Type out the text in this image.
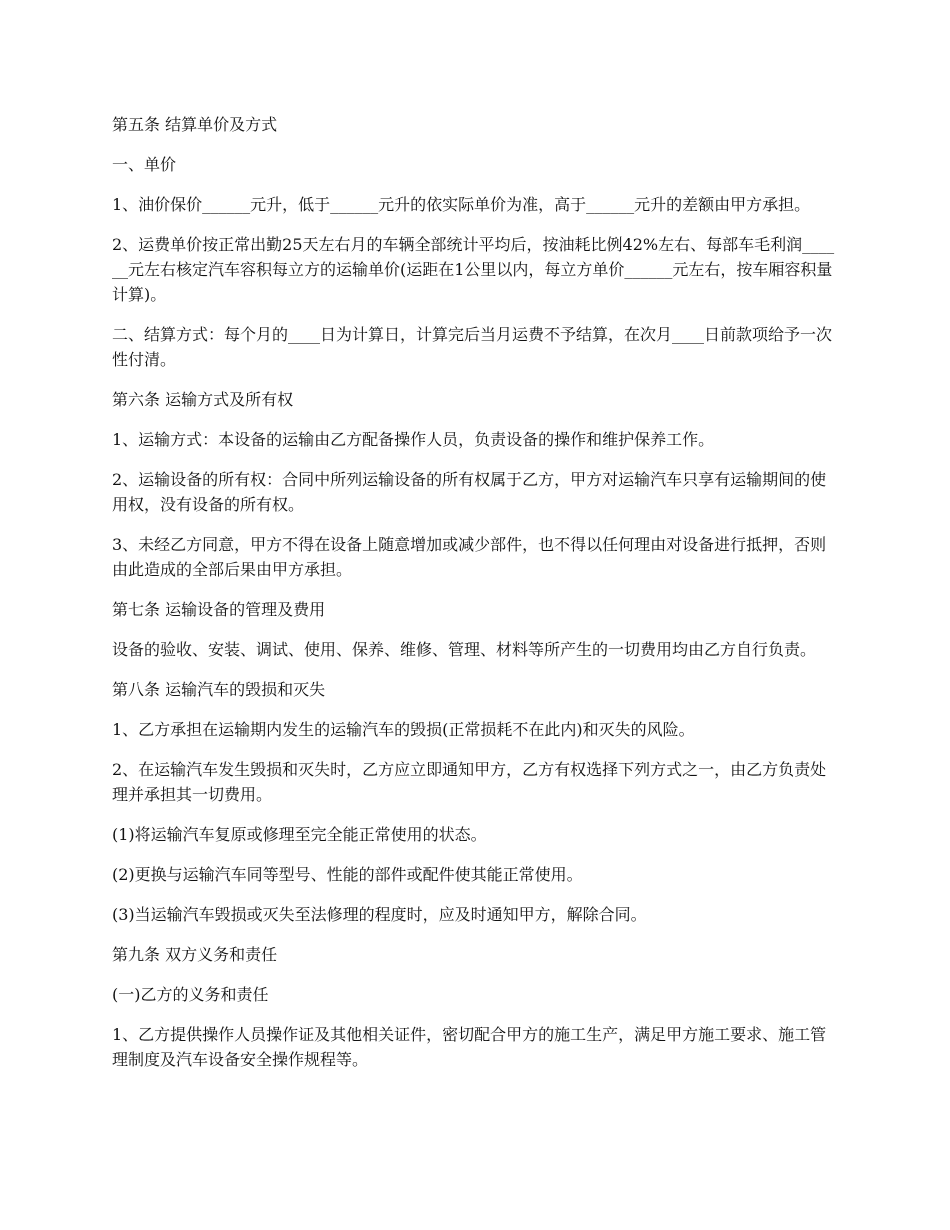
第五条 结算单价及方式

一、单价

1、油价保价______元升，低于______元升的依实际单价为准，高于______元升的差额由甲方承担。

2、运费单价按正常出勤25天左右月的车辆全部统计平均后，按油耗比例42%左右、每部车毛利润______元左右核定汽车容积每立方的运输单价(运距在1公里以内，每立方单价______元左右，按车厢容积量计算)。

二、结算方式：每个月的____日为计算日，计算完后当月运费不予结算，在次月____日前款项给予一次性付清。

第六条 运输方式及所有权

1、运输方式：本设备的运输由乙方配备操作人员，负责设备的操作和维护保养工作。

2、运输设备的所有权：合同中所列运输设备的所有权属于乙方，甲方对运输汽车只享有运输期间的使用权，没有设备的所有权。

3、未经乙方同意，甲方不得在设备上随意增加或减少部件，也不得以任何理由对设备进行抵押，否则由此造成的全部后果由甲方承担。

第七条 运输设备的管理及费用

设备的验收、安装、调试、使用、保养、维修、管理、材料等所产生的一切费用均由乙方自行负责。

第八条 运输汽车的毁损和灭失

1、乙方承担在运输期内发生的运输汽车的毁损(正常损耗不在此内)和灭失的风险。

2、在运输汽车发生毁损和灭失时，乙方应立即通知甲方，乙方有权选择下列方式之一，由乙方负责处理并承担其一切费用。

(1)将运输汽车复原或修理至完全能正常使用的状态。

(2)更换与运输汽车同等型号、性能的部件或配件使其能正常使用。

(3)当运输汽车毁损或灭失至法修理的程度时，应及时通知甲方，解除合同。

第九条 双方义务和责任

(一)乙方的义务和责任

1、乙方提供操作人员操作证及其他相关证件，密切配合甲方的施工生产，满足甲方施工要求、施工管理制度及汽车设备安全操作规程等。
